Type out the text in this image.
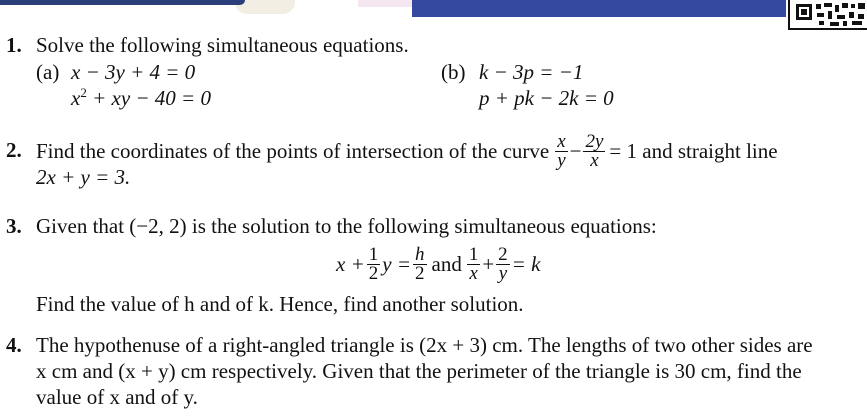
1. Solve the following simultaneous equations.
(a) x − 3y + 4 = 0
$x^2$ + xy − 40 = 0
(b) k − 3p = −1
p + pk − 2k = 0
2. Find the coordinates of the points of intersection of the curve $\frac{x}{y} - \frac{2y}{x} = 1$ and straight line
2x + y = 3.
3. Given that (−2, 2) is the solution to the following simultaneous equations:
$x + \frac{1}{2}$ $y = \frac{h}{2}$ and $\frac{1}{x} + \frac{2}{y} = k$
Find the value of h and of k. Hence, find another solution.
4. The hypothenuse of a right-angled triangle is (2x + 3) cm. The lengths of two other sides are
x cm and (x + y) cm respectively. Given that the perimeter of the triangle is 30 cm, find the
value of x and of y.
